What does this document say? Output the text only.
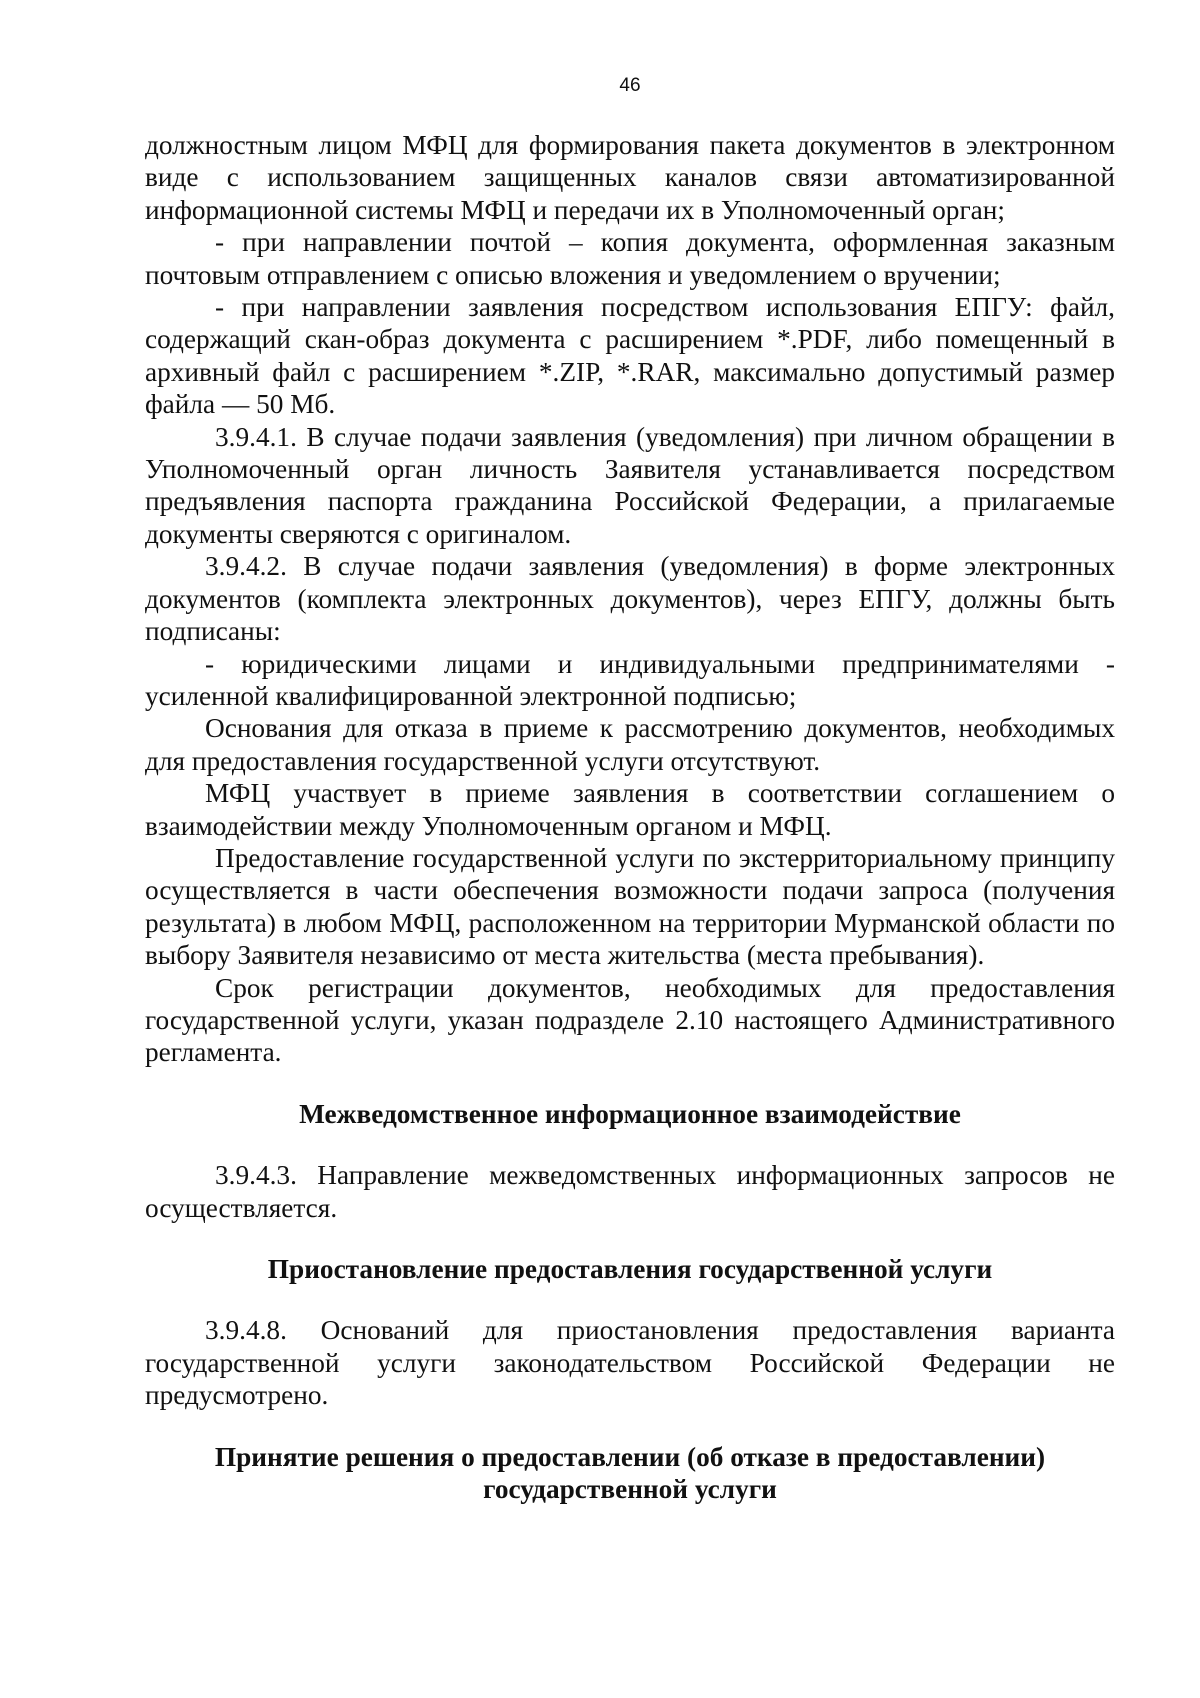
46

должностным лицом МФЦ для формирования пакета документов в электронном виде с использованием защищенных каналов связи автоматизированной информационной системы МФЦ и передачи их в Уполномоченный орган;

- при направлении почтой – копия документа, оформленная заказным почтовым отправлением с описью вложения и уведомлением о вручении;

- при направлении заявления посредством использования ЕПГУ: файл, содержащий скан-образ документа с расширением *.PDF, либо помещенный в архивный файл с расширением *.ZIP, *.RAR, максимально допустимый размер файла — 50 Мб.

3.9.4.1. В случае подачи заявления (уведомления) при личном обращении в Уполномоченный орган личность Заявителя устанавливается посредством предъявления паспорта гражданина Российской Федерации, а прилагаемые документы сверяются с оригиналом.

3.9.4.2. В случае подачи заявления (уведомления) в форме электронных документов (комплекта электронных документов), через ЕПГУ, должны быть подписаны:

- юридическими лицами и индивидуальными предпринимателями - усиленной квалифицированной электронной подписью;

Основания для отказа в приеме к рассмотрению документов, необходимых для предоставления государственной услуги отсутствуют.

МФЦ участвует в приеме заявления в соответствии соглашением о взаимодействии между Уполномоченным органом и МФЦ.

Предоставление государственной услуги по экстерриториальному принципу осуществляется в части обеспечения возможности подачи запроса (получения результата) в любом МФЦ, расположенном на территории Мурманской области по выбору Заявителя независимо от места жительства (места пребывания).

Срок регистрации документов, необходимых для предоставления государственной услуги, указан подразделе 2.10 настоящего Административного регламента.

Межведомственное информационное взаимодействие

3.9.4.3. Направление межведомственных информационных запросов не осуществляется.

Приостановление предоставления государственной услуги

3.9.4.8. Оснований для приостановления предоставления варианта государственной услуги законодательством Российской Федерации не предусмотрено.

Принятие решения о предоставлении (об отказе в предоставлении)
государственной услуги
